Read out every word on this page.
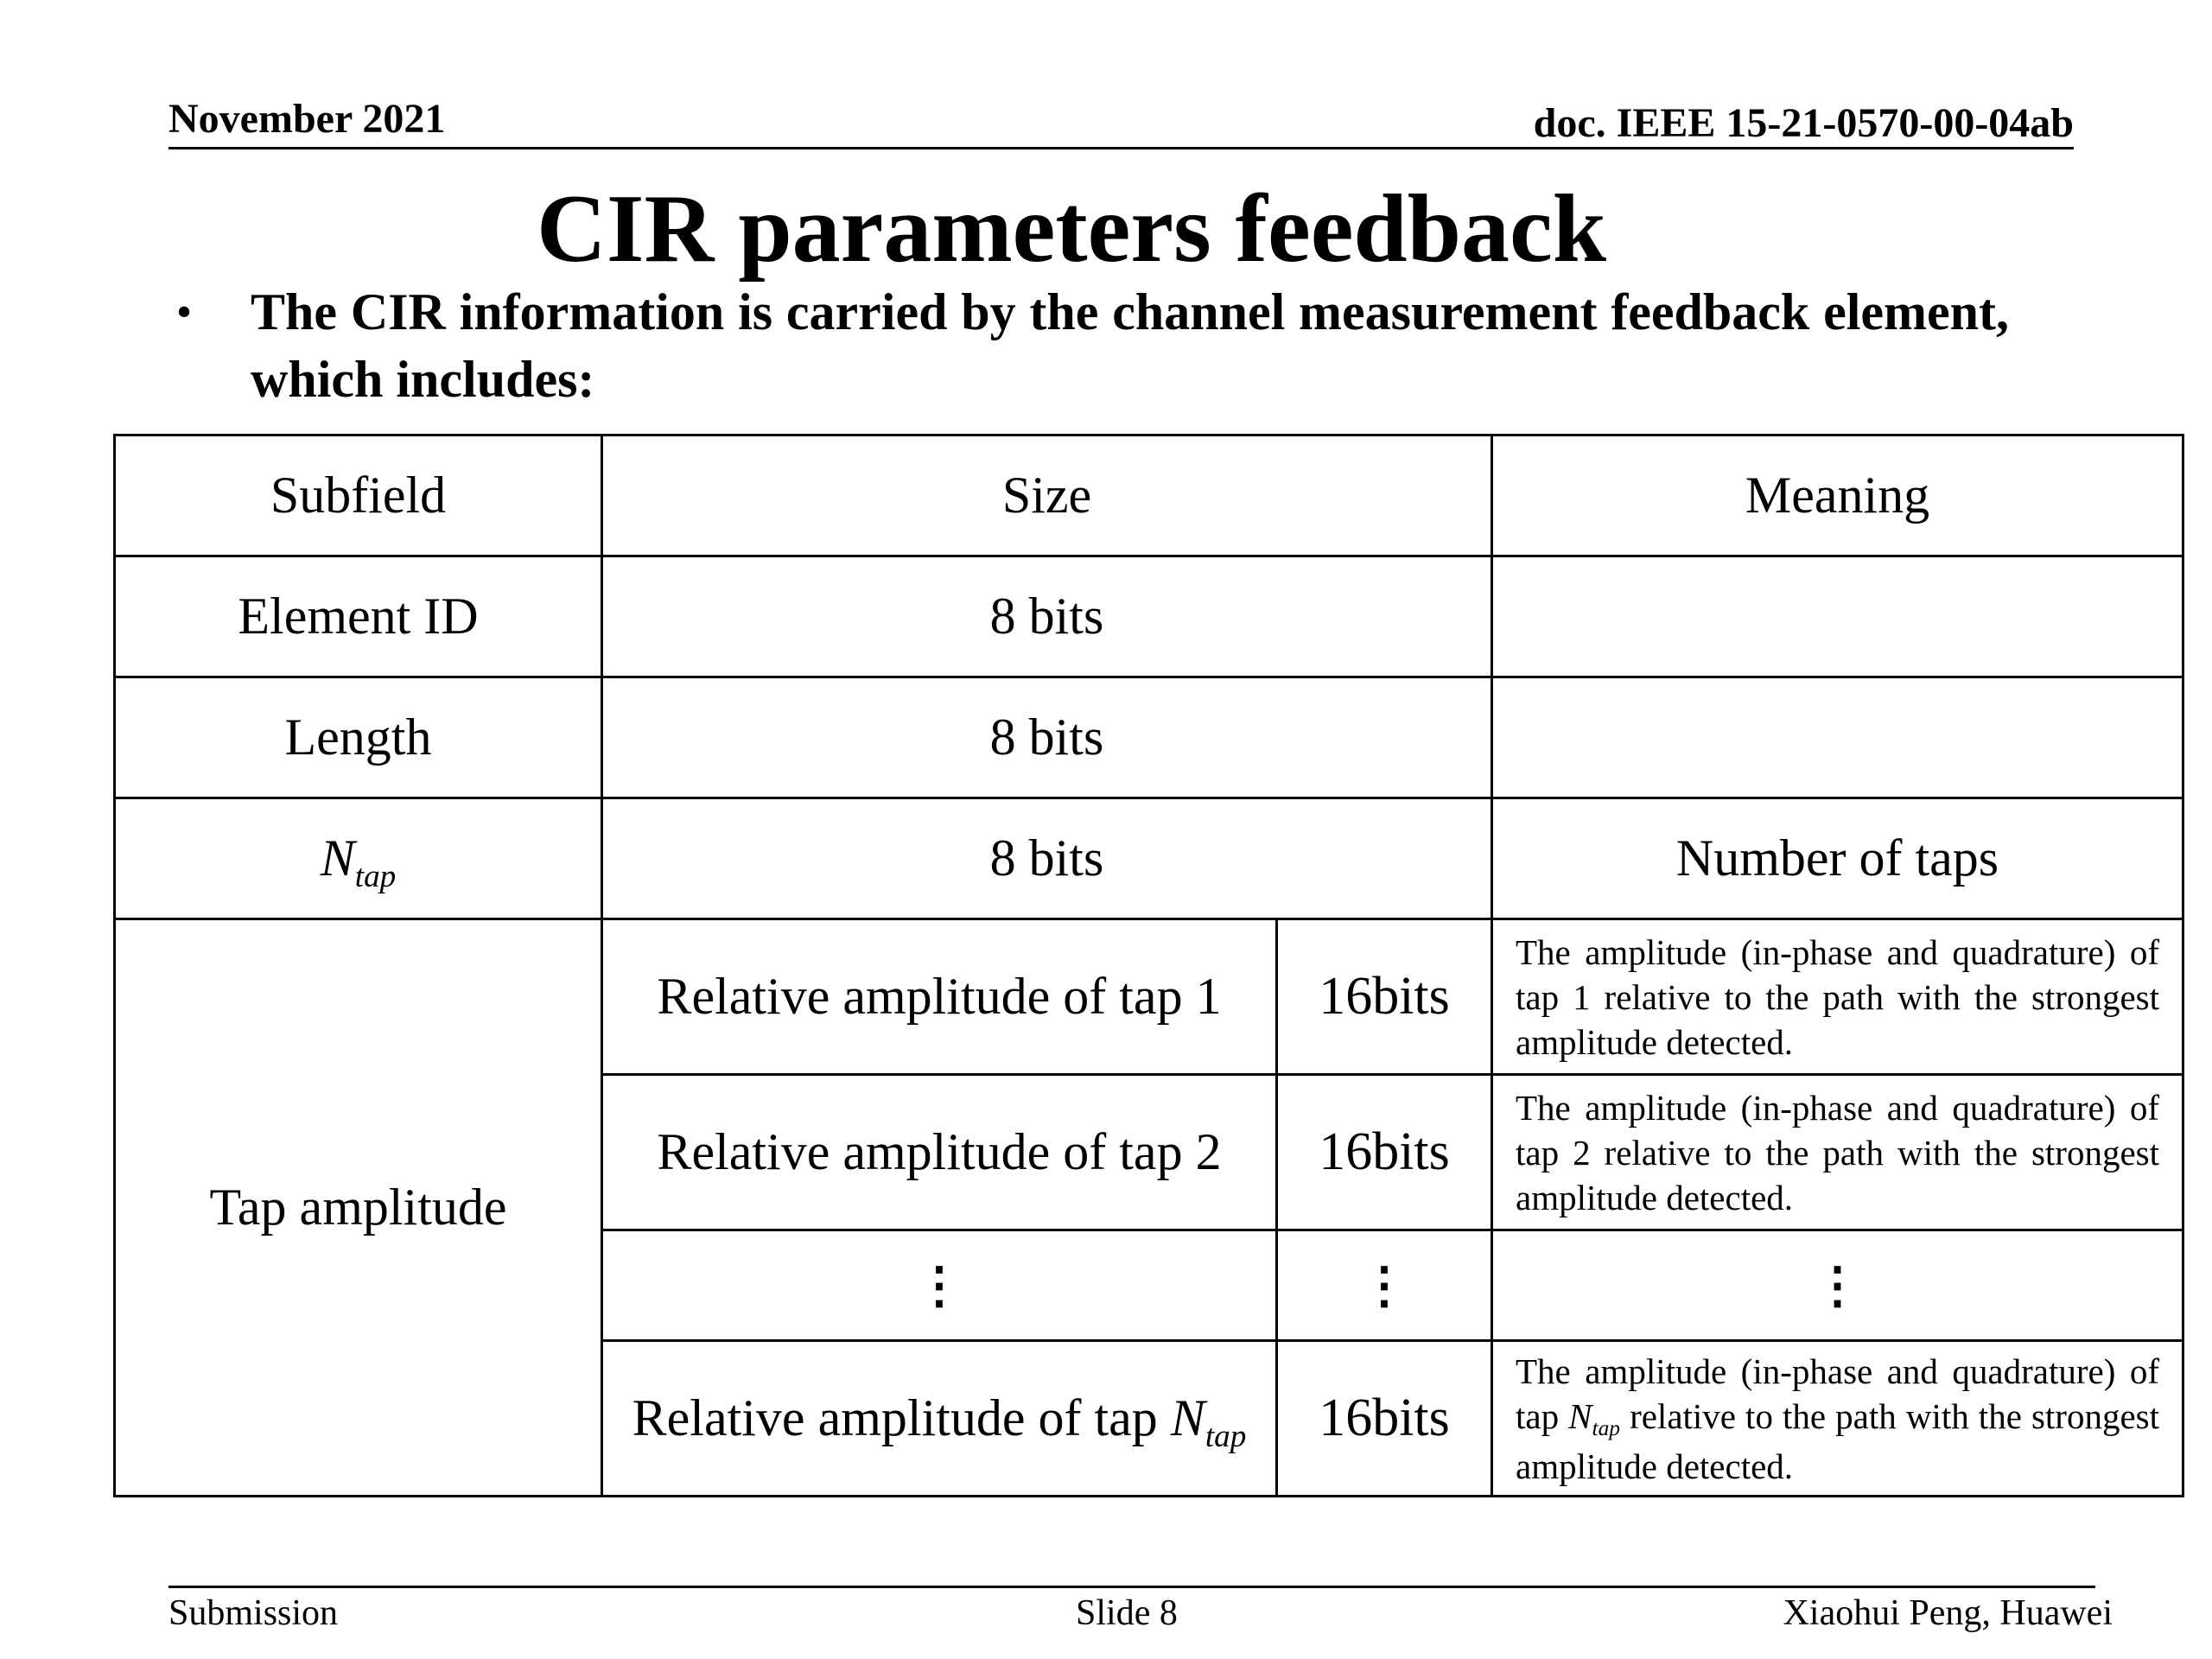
November 2021	doc. IEEE 15-21-0570-00-04ab
CIR parameters feedback
• The CIR information is carried by the channel measurement feedback element, which includes:
Subfield	Size		Meaning
Element ID	8 bits		
Length	8 bits		
$N_{tap}$	8 bits		Number of taps
Tap amplitude	Relative amplitude of tap 1	16bits	The amplitude (in-phase and quadrature) of tap 1 relative to the path with the strongest amplitude detected.
	Relative amplitude of tap 2	16bits	The amplitude (in-phase and quadrature) of tap 2 relative to the path with the strongest amplitude detected.
	⋮	⋮	⋮
	Relative amplitude of tap $N_{tap}$	16bits	The amplitude (in-phase and quadrature) of tap $N_{tap}$ relative to the path with the strongest amplitude detected.
Submission	Slide 8	Xiaohui Peng, Huawei
